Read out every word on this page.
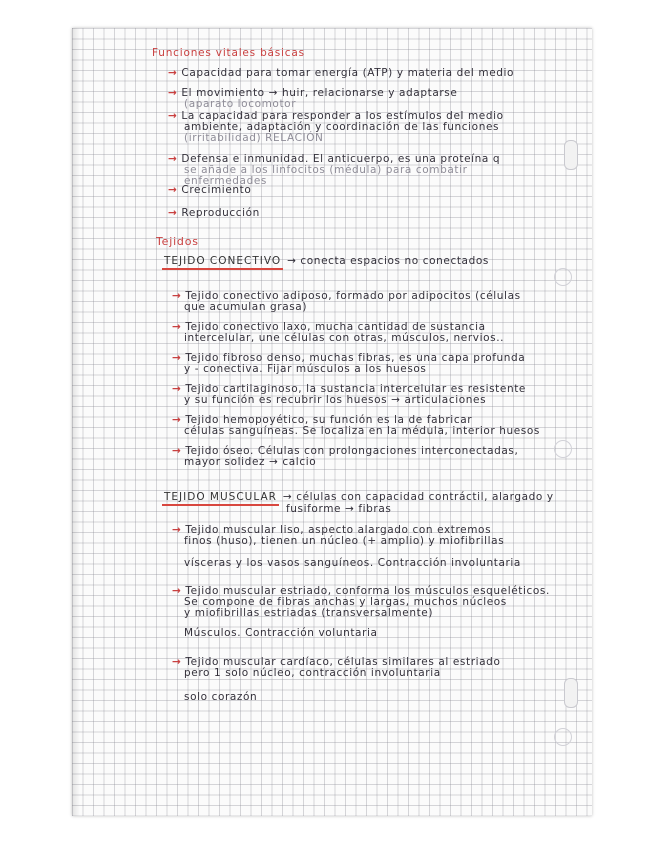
Funciones vitales básicas
→ Capacidad para tomar energía (ATP) y materia del medio
→ El movimiento → huir, relacionarse y adaptarse
(aparato locomotor
→ La capacidad para responder a los estímulos del medio
ambiente, adaptación y coordinación de las funciones
(irritabilidad) RELACIÓN
→ Defensa e inmunidad. El anticuerpo, es una proteína q
se añade a los linfocitos (médula) para combatir
enfermedades
→ Crecimiento
→ Reproducción
Tejidos
TEJIDO CONECTIVO → conecta espacios no conectados
→ Tejido conectivo adiposo, formado por adipocitos (células
que acumulan grasa)
→ Tejido conectivo laxo, mucha cantidad de sustancia
intercelular, une células con otras, músculos, nervios..
→ Tejido fibroso denso, muchas fibras, es una capa profunda
y - conectiva. Fijar músculos a los huesos
→ Tejido cartilaginoso, la sustancia intercelular es resistente
y su función es recubrir los huesos → articulaciones
→ Tejido hemopoyético, su función es la de fabricar
células sanguíneas. Se localiza en la médula, interior huesos
→ Tejido óseo. Células con prolongaciones interconectadas,
mayor solidez → calcio
TEJIDO MUSCULAR → células con capacidad contráctil, alargado y
fusiforme → fibras
→ Tejido muscular liso, aspecto alargado con extremos
finos (huso), tienen un núcleo (+ amplio) y miofibrillas
vísceras y los vasos sanguíneos. Contracción involuntaria
→ Tejido muscular estriado, conforma los músculos esqueléticos.
Se compone de fibras anchas y largas, muchos núcleos
y miofibrillas estriadas (transversalmente)
Músculos. Contracción voluntaria
→ Tejido muscular cardíaco, células similares al estriado
pero 1 solo núcleo, contracción involuntaria
solo corazón
